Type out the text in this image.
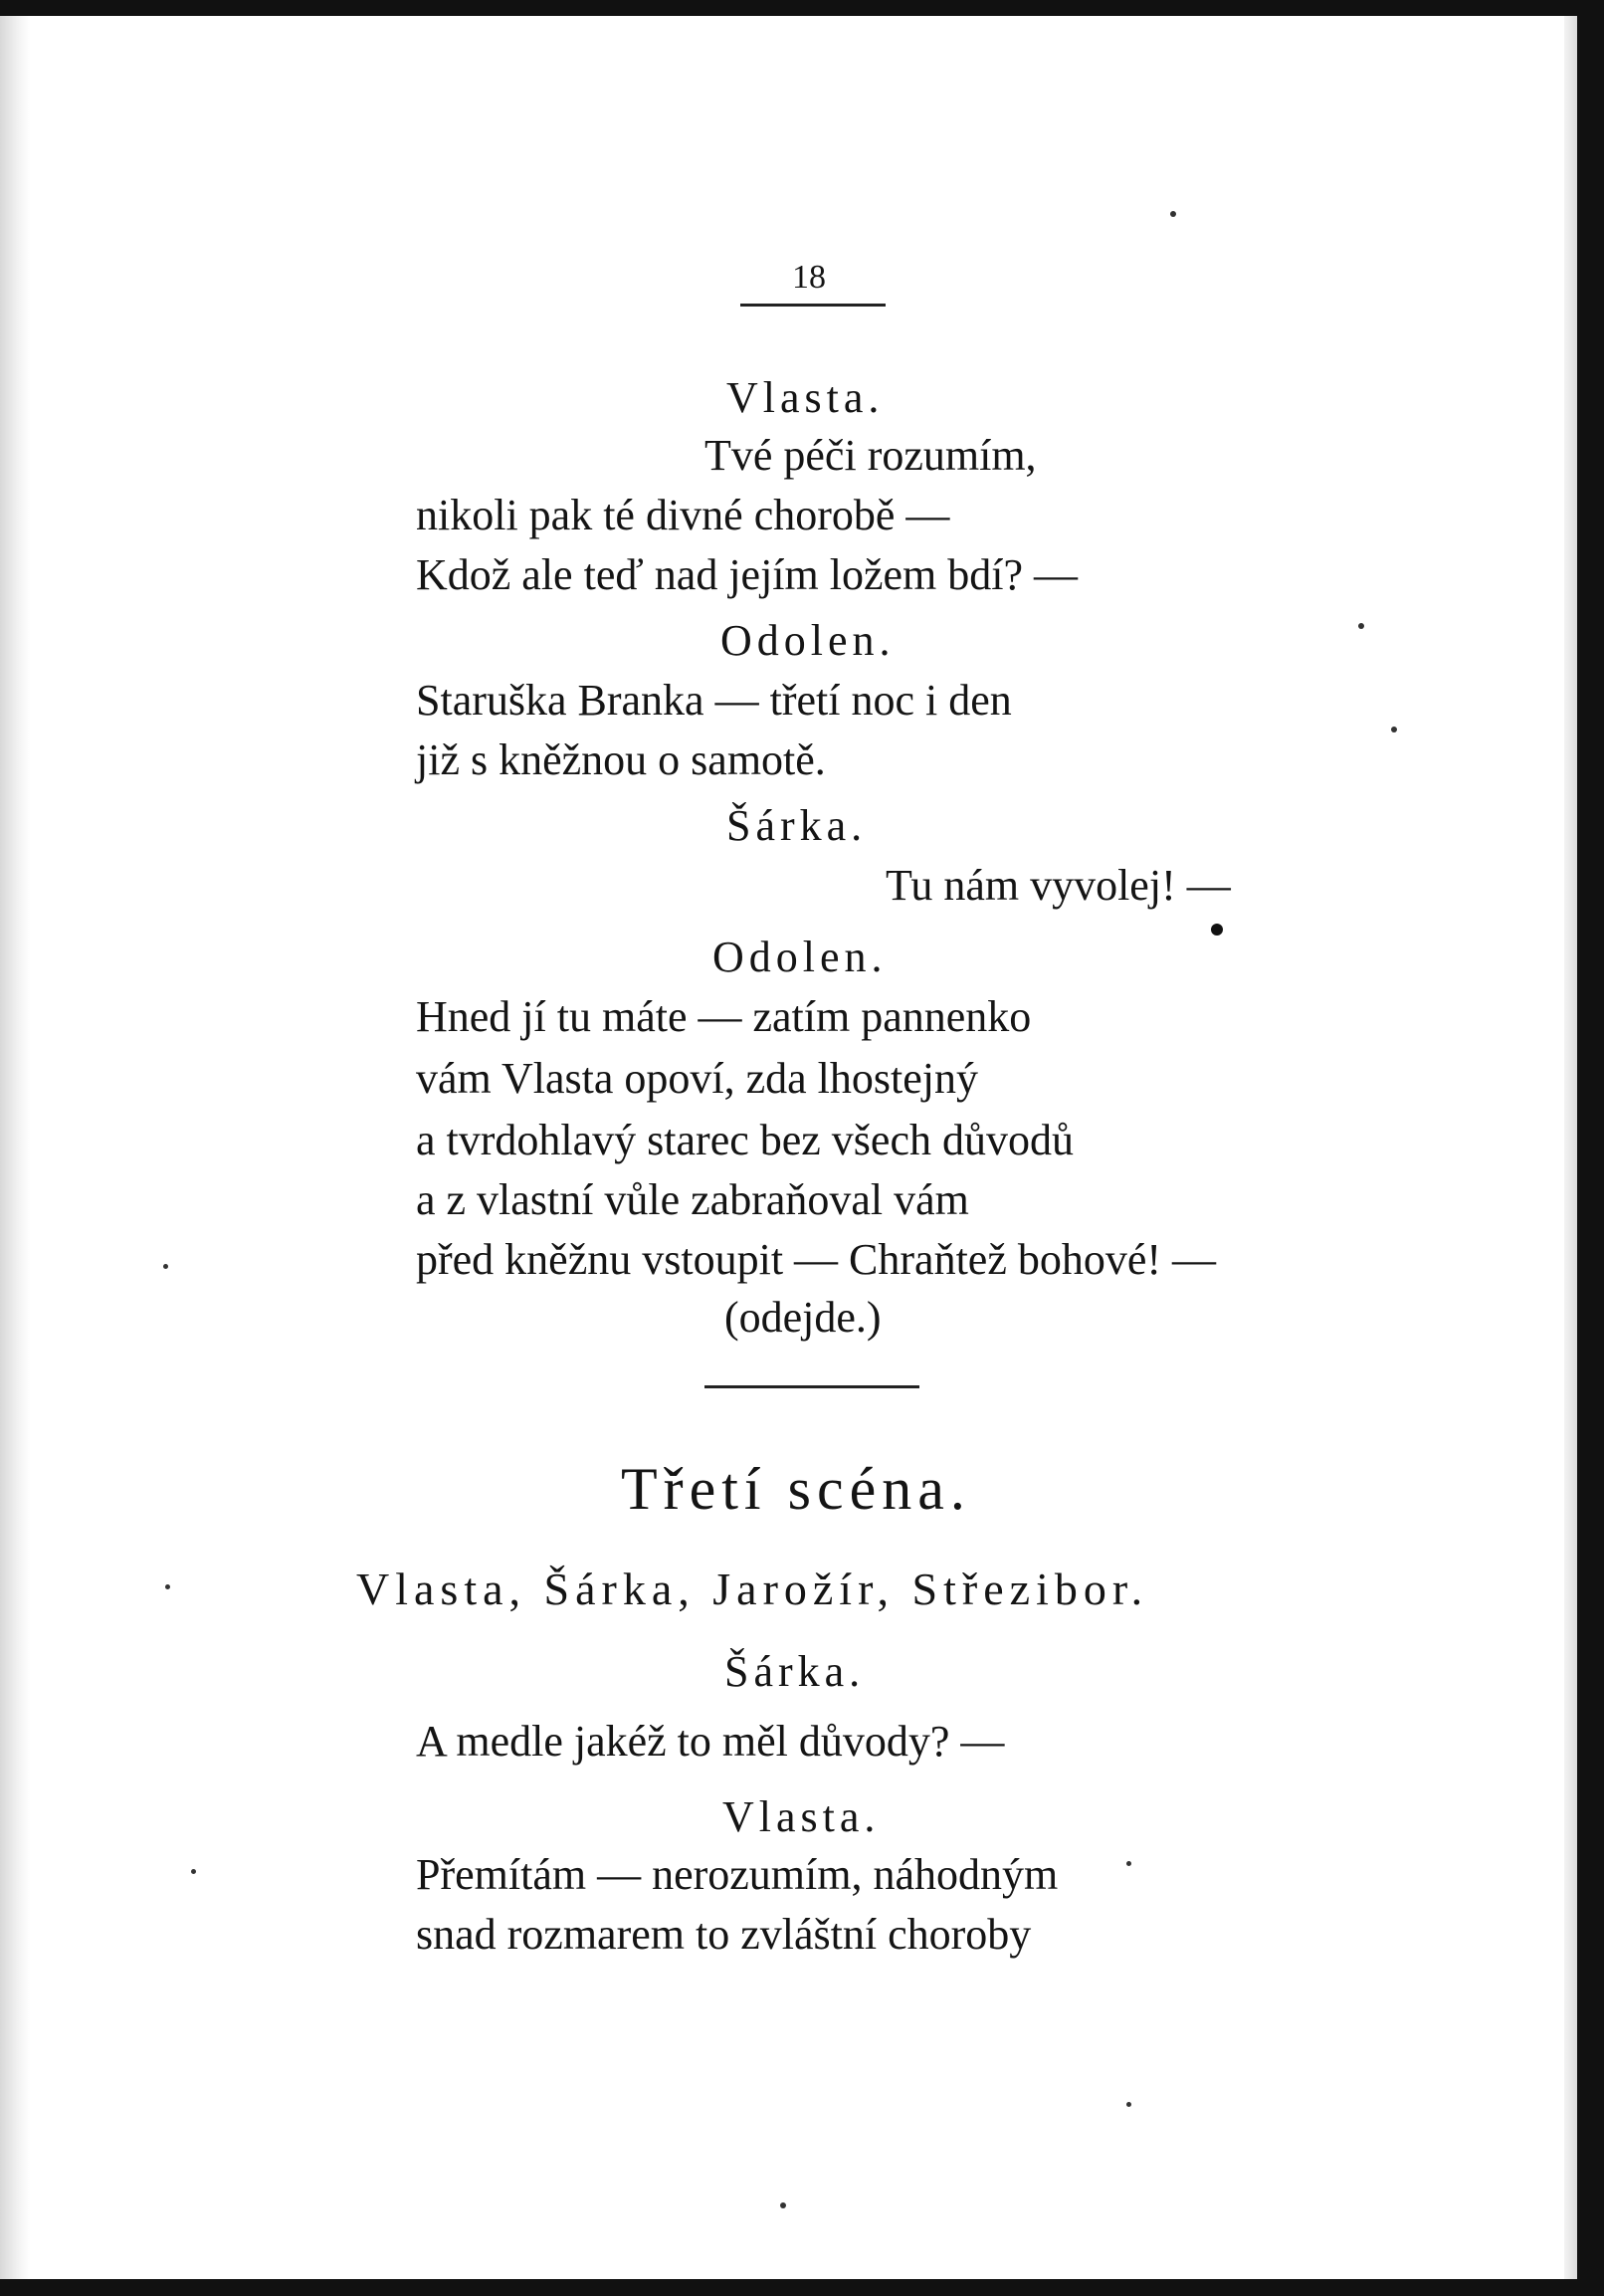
18
Vlasta.
Tvé péči rozumím,
nikoli pak té divné chorobě —
Kdož ale teď nad jejím ložem bdí? —
Odolen.
Staruška Branka — třetí noc i den
již s kněžnou o samotě.
Šárka.
Tu nám vyvolej! —
Odolen.
Hned jí tu máte — zatím pannenko
vám Vlasta opoví, zda lhostejný
a tvrdohlavý starec bez všech důvodů
a z vlastní vůle zabraňoval vám
před kněžnu vstoupit — Chraňtež bohové! —
(odejde.)
Třetí scéna.
Vlasta, Šárka, Jarožír, Střezibor.
Šárka.
A medle jakéž to měl důvody? —
Vlasta.
Přemítám — nerozumím, náhodným
snad rozmarem to zvláštní choroby
